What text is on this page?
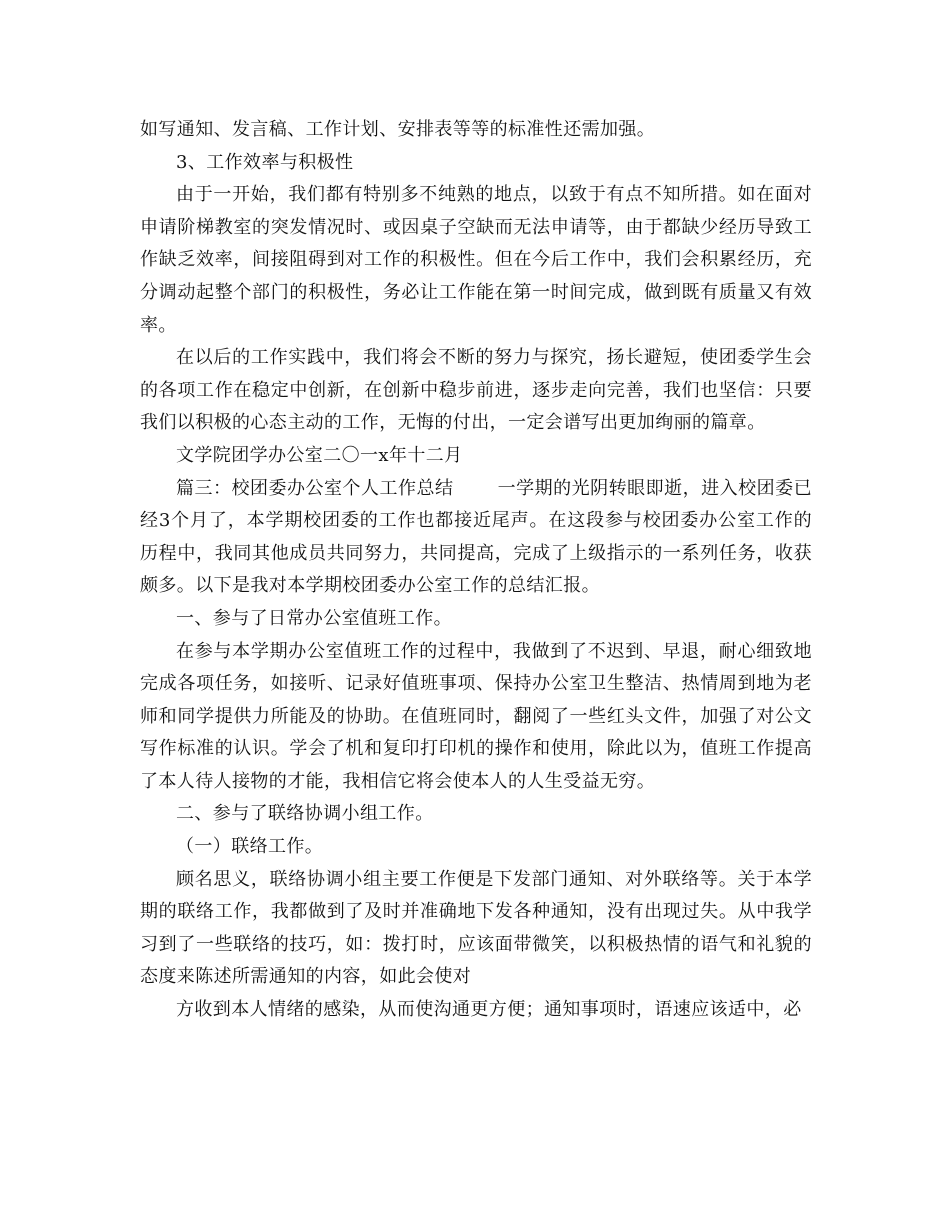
如写通知、发言稿、工作计划、安排表等等的标准性还需加强。

3、工作效率与积极性

由于一开始，我们都有特别多不纯熟的地点，以致于有点不知所措。如在面对申请阶梯教室的突发情况时、或因桌子空缺而无法申请等，由于都缺少经历导致工作缺乏效率，间接阻碍到对工作的积极性。但在今后工作中，我们会积累经历，充分调动起整个部门的积极性，务必让工作能在第一时间完成，做到既有质量又有效率。

在以后的工作实践中，我们将会不断的努力与探究，扬长避短，使团委学生会的各项工作在稳定中创新，在创新中稳步前进，逐步走向完善，我们也坚信：只要我们以积极的心态主动的工作，无悔的付出，一定会谱写出更加绚丽的篇章。

文学院团学办公室二〇一x年十二月

篇三：校团委办公室个人工作总结 一学期的光阴转眼即逝，进入校团委已经3个月了，本学期校团委的工作也都接近尾声。在这段参与校团委办公室工作的历程中，我同其他成员共同努力，共同提高，完成了上级指示的一系列任务，收获颇多。以下是我对本学期校团委办公室工作的总结汇报。

一、参与了日常办公室值班工作。

在参与本学期办公室值班工作的过程中，我做到了不迟到、早退，耐心细致地完成各项任务，如接听、记录好值班事项、保持办公室卫生整洁、热情周到地为老师和同学提供力所能及的协助。在值班同时，翻阅了一些红头文件，加强了对公文写作标准的认识。学会了机和复印打印机的操作和使用，除此以为，值班工作提高了本人待人接物的才能，我相信它将会使本人的人生受益无穷。

二、参与了联络协调小组工作。

（一）联络工作。

顾名思义，联络协调小组主要工作便是下发部门通知、对外联络等。关于本学期的联络工作，我都做到了及时并准确地下发各种通知，没有出现过失。从中我学习到了一些联络的技巧，如：拨打时，应该面带微笑，以积极热情的语气和礼貌的态度来陈述所需通知的内容，如此会使对

方收到本人情绪的感染，从而使沟通更方便；通知事项时，语速应该适中，必
